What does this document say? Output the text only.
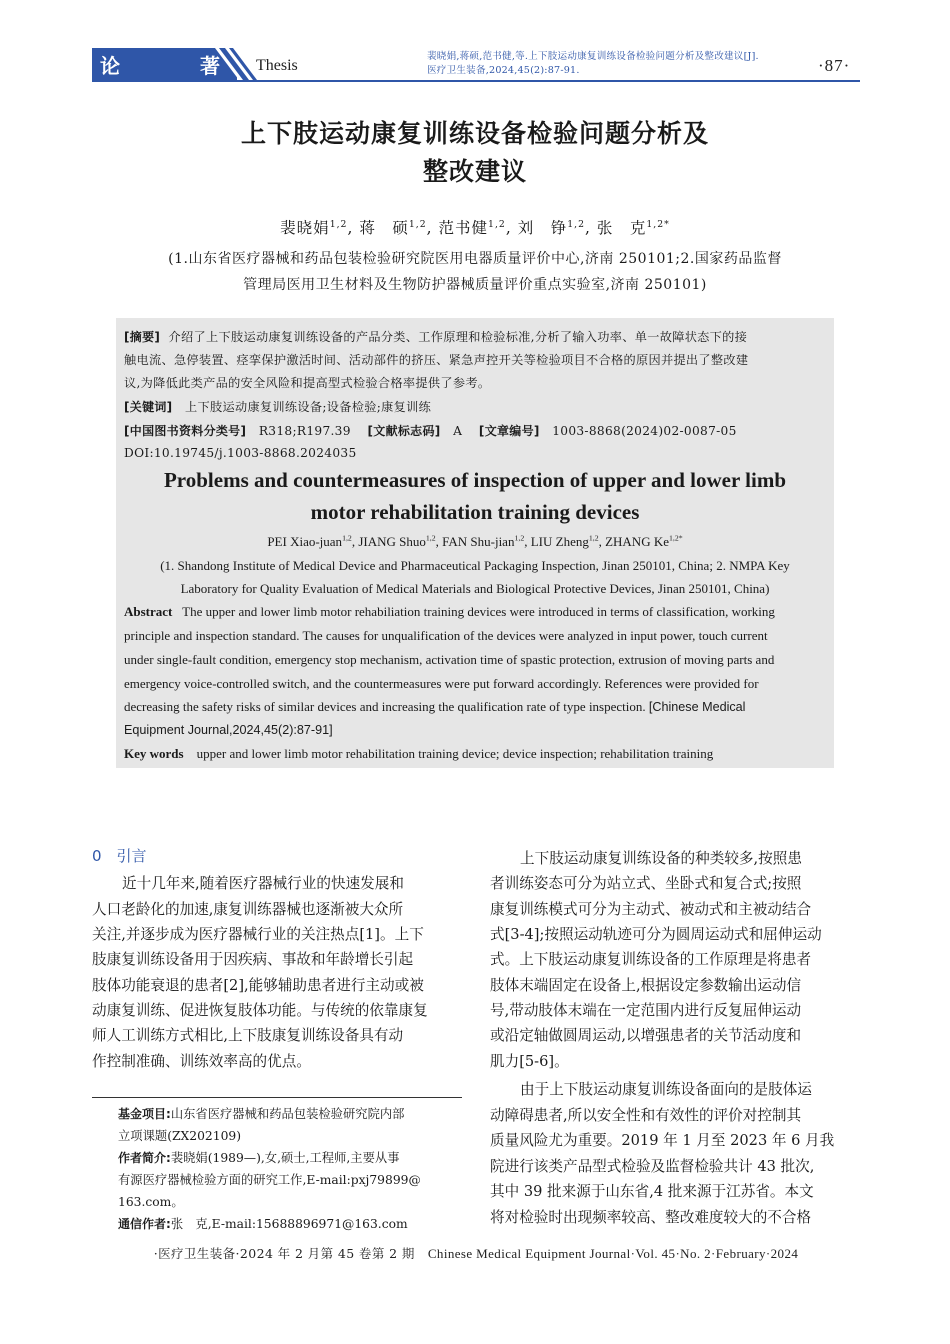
论	著 Thesis
裴晓娟,蒋硕,范书健,等.上下肢运动康复训练设备检验问题分析及整改建议[J].
医疗卫生装备,2024,45(2):87-91.	·87·
上下肢运动康复训练设备检验问题分析及
整改建议
裴晓娟$^{1,2}$, 蒋　硕$^{1,2}$, 范书健$^{1,2}$, 刘　铮$^{1,2}$, 张　克$^{1,2*}$
(1.山东省医疗器械和药品包装检验研究院医用电器质量评价中心,济南 250101;2.国家药品监督
管理局医用卫生材料及生物防护器械质量评价重点实验室,济南 250101)
[摘要] 介绍了上下肢运动康复训练设备的产品分类、工作原理和检验标准,分析了输入功率、单一故障状态下的接
触电流、急停装置、痉挛保护激活时间、活动部件的挤压、紧急声控开关等检验项目不合格的原因并提出了整改建
议,为降低此类产品的安全风险和提高型式检验合格率提供了参考。
[关键词] 上下肢运动康复训练设备;设备检验;康复训练
[中国图书资料分类号] R318;R197.39 [文献标志码] A [文章编号] 1003-8868(2024)02-0087-05
DOI:10.19745/j.1003-8868.2024035
Problems and countermeasures of inspection of upper and lower limb
motor rehabilitation training devices
PEI Xiao-juan$^{1,2}$, JIANG Shuo$^{1,2}$, FAN Shu-jian$^{1,2}$, LIU Zheng$^{1,2}$, ZHANG $Ke^{1,2*}$
(1. Shandong Institute of Medical Device and Pharmaceutical Packaging Inspection, Jinan 250101, China; 2. NMPA Key
Laboratory for Quality Evaluation of Medical Materials and Biological Protective Devices, Jinan 250101, China)
Abstract The upper and lower limb motor rehabiliation training devices were introduced in terms of classification, working
principle and inspection standard. The causes for unqualification of the devices were analyzed in input power, touch current
under single-fault condition, emergency stop mechanism, activation time of spastic protection, extrusion of moving parts and
emergency voice-controlled switch, and the countermeasures were put forward accordingly. References were provided for
decreasing the safety risks of similar devices and increasing the qualification rate of type inspection. [Chinese Medical
Equipment Journal,2024,45(2):87-91]
Key words upper and lower limb motor rehabilitation training device; device inspection; rehabilitation training
0　引言
近十几年来,随着医疗器械行业的快速发展和
人口老龄化的加速,康复训练器械也逐渐被大众所
关注,并逐步成为医疗器械行业的关注热点[1]。上下
肢康复训练设备用于因疾病、事故和年龄增长引起
肢体功能衰退的患者[2],能够辅助患者进行主动或被
动康复训练、促进恢复肢体功能。与传统的依靠康复
师人工训练方式相比,上下肢康复训练设备具有动
作控制准确、训练效率高的优点。
基金项目:山东省医疗器械和药品包装检验研究院内部
立项课题(ZX202109)
作者简介:裴晓娟(1989—),女,硕士,工程师,主要从事
有源医疗器械检验方面的研究工作,E-mail:pxj79899@
163.com。
通信作者:张　克,E-mail:15688896971@163.com
上下肢运动康复训练设备的种类较多,按照患
者训练姿态可分为站立式、坐卧式和复合式;按照
康复训练模式可分为主动式、被动式和主被动结合
式[3-4];按照运动轨迹可分为圆周运动式和屈伸运动
式。上下肢运动康复训练设备的工作原理是将患者
肢体末端固定在设备上,根据设定参数输出运动信
号,带动肢体末端在一定范围内进行反复屈伸运动
或沿定轴做圆周运动,以增强患者的关节活动度和
肌力[5-6]。
由于上下肢运动康复训练设备面向的是肢体运
动障碍患者,所以安全性和有效性的评价对控制其
质量风险尤为重要。2019 年 1 月至 2023 年 6 月我
院进行该类产品型式检验及监督检验共计 43 批次,
其中 39 批来源于山东省,4 批来源于江苏省。本文
将对检验时出现频率较高、整改难度较大的不合格
·医疗卫生装备·2024 年 2 月第 45 卷第 2 期 Chinese Medical Equipment Journal·Vol. 45·No. 2·February·2024
